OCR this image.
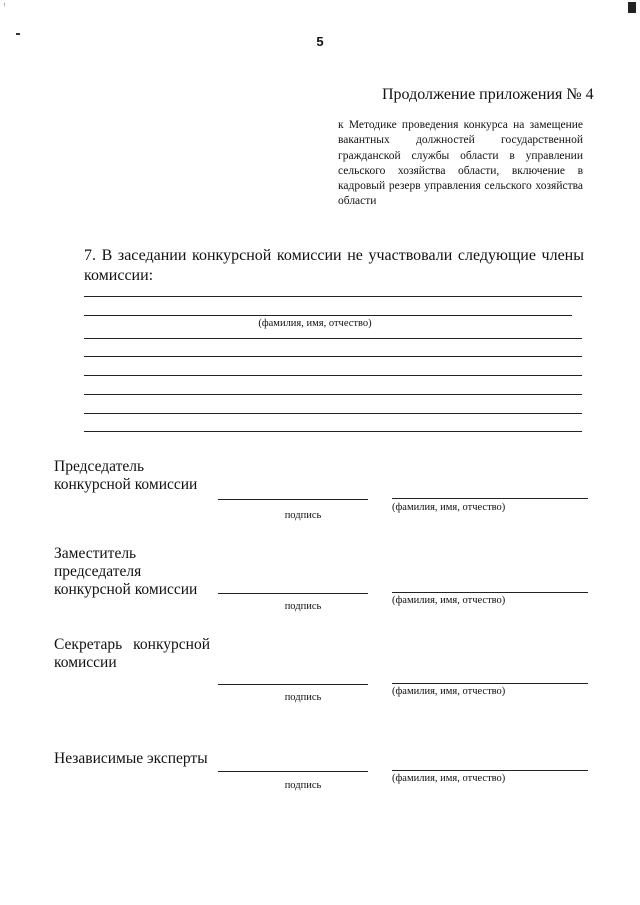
ᵎ
5
Продолжение приложения № 4
к Методике проведения конкурса на замещение вакантных должностей государственной гражданской службы области в управлении сельского хозяйства области, включение в кадровый резерв управления сельского хозяйства области
7. В заседании конкурсной комиссии не участвовали следующие члены комиссии:
(фамилия, имя, отчество)
Председатель конкурсной комиссии
подпись
(фамилия, имя, отчество)
Заместитель председателя конкурсной комиссии
подпись
(фамилия, имя, отчество)
Секретарь конкурсной комиссии
подпись
(фамилия, имя, отчество)
Независимые эксперты
подпись
(фамилия, имя, отчество)
